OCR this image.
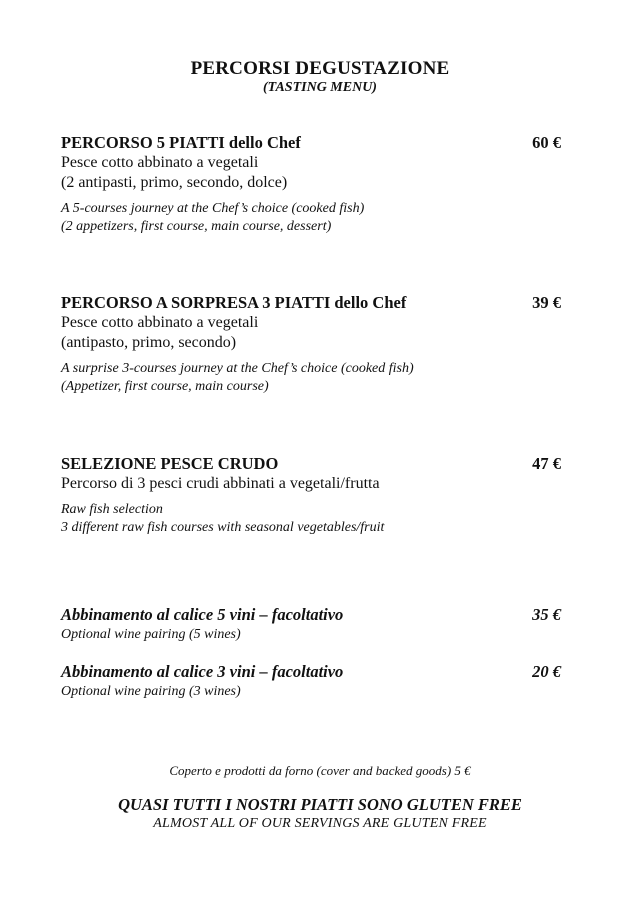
PERCORSI DEGUSTAZIONE
(TASTING MENU)
PERCORSO 5 PIATTI dello Chef	60 €
Pesce cotto abbinato a vegetali
(2 antipasti, primo, secondo, dolce)
A 5-courses journey at the Chef’s choice (cooked fish)
(2 appetizers, first course, main course, dessert)
PERCORSO A SORPRESA 3 PIATTI dello Chef	39 €
Pesce cotto abbinato a vegetali
(antipasto, primo, secondo)
A surprise 3-courses journey at the Chef’s choice (cooked fish)
(Appetizer, first course, main course)
SELEZIONE PESCE CRUDO	47 €
Percorso di 3 pesci crudi abbinati a vegetali/frutta
Raw fish selection
3 different raw fish courses with seasonal vegetables/fruit
Abbinamento al calice 5 vini – facoltativo	35 €
Optional wine pairing (5 wines)
Abbinamento al calice 3 vini – facoltativo	20 €
Optional wine pairing (3 wines)
Coperto e prodotti da forno (cover and backed goods) 5 €
QUASI TUTTI I NOSTRI PIATTI SONO GLUTEN FREE
ALMOST ALL OF OUR SERVINGS ARE GLUTEN FREE
